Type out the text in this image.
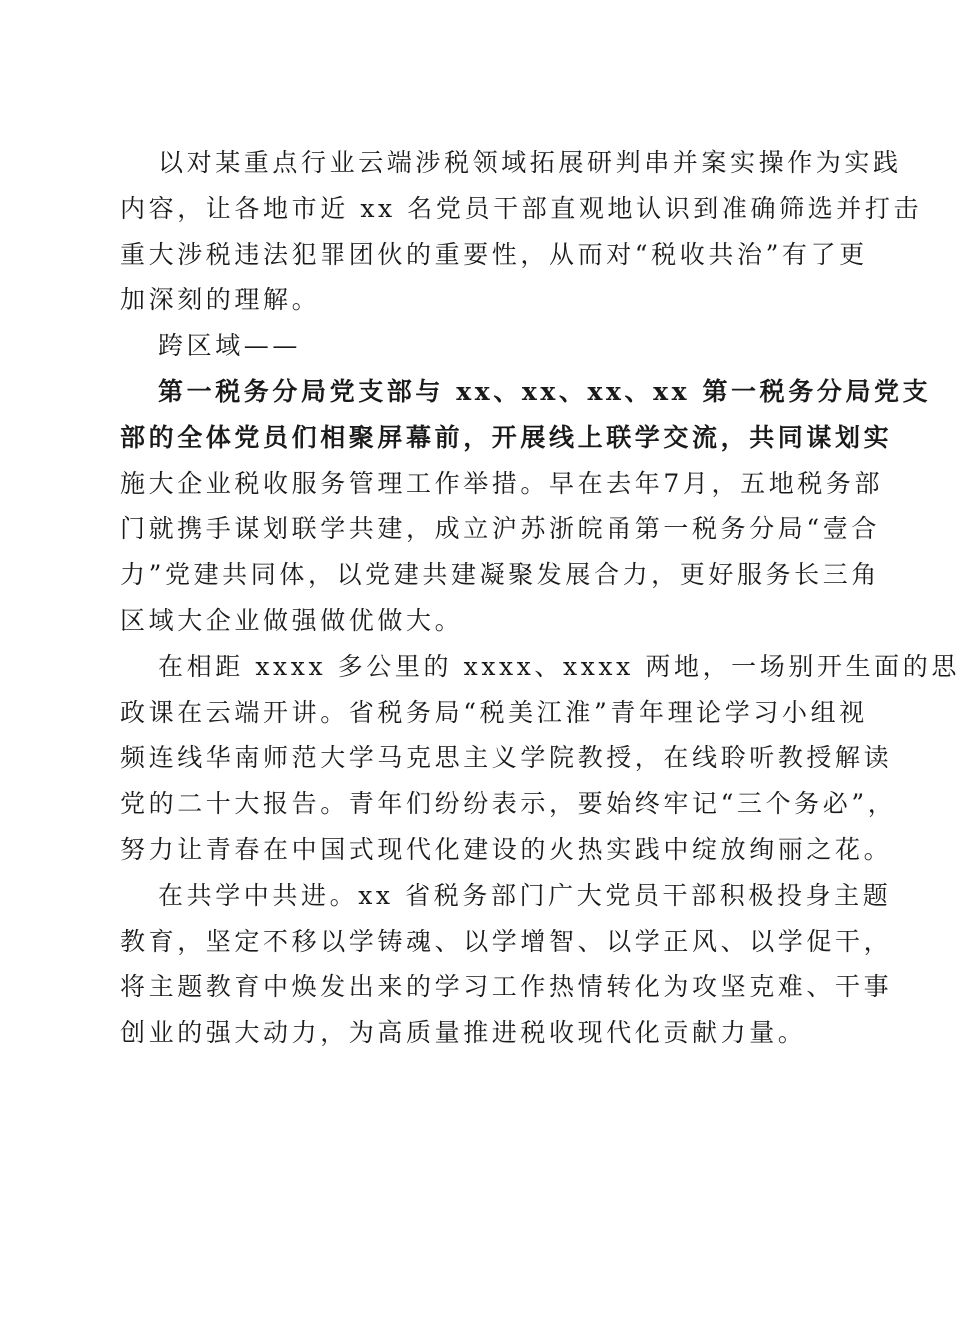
以对某重点行业云端涉税领域拓展研判串并案实操作为实践
内容，让各地市近 xx 名党员干部直观地认识到准确筛选并打击
重大涉税违法犯罪团伙的重要性，从而对“税收共治”有了更
加深刻的理解。
跨区域——
第一税务分局党支部与 xx、xx、xx、xx 第一税务分局党支
部的全体党员们相聚屏幕前，开展线上联学交流，共同谋划实
施大企业税收服务管理工作举措。早在去年7月，五地税务部
门就携手谋划联学共建，成立沪苏浙皖甬第一税务分局“壹合
力”党建共同体，以党建共建凝聚发展合力，更好服务长三角
区域大企业做强做优做大。
在相距 xxxx 多公里的 xxxx、xxxx 两地，一场别开生面的思
政课在云端开讲。省税务局“税美江淮”青年理论学习小组视
频连线华南师范大学马克思主义学院教授，在线聆听教授解读
党的二十大报告。青年们纷纷表示，要始终牢记“三个务必”，
努力让青春在中国式现代化建设的火热实践中绽放绚丽之花。
在共学中共进。xx 省税务部门广大党员干部积极投身主题
教育，坚定不移以学铸魂、以学增智、以学正风、以学促干，
将主题教育中焕发出来的学习工作热情转化为攻坚克难、干事
创业的强大动力，为高质量推进税收现代化贡献力量。
